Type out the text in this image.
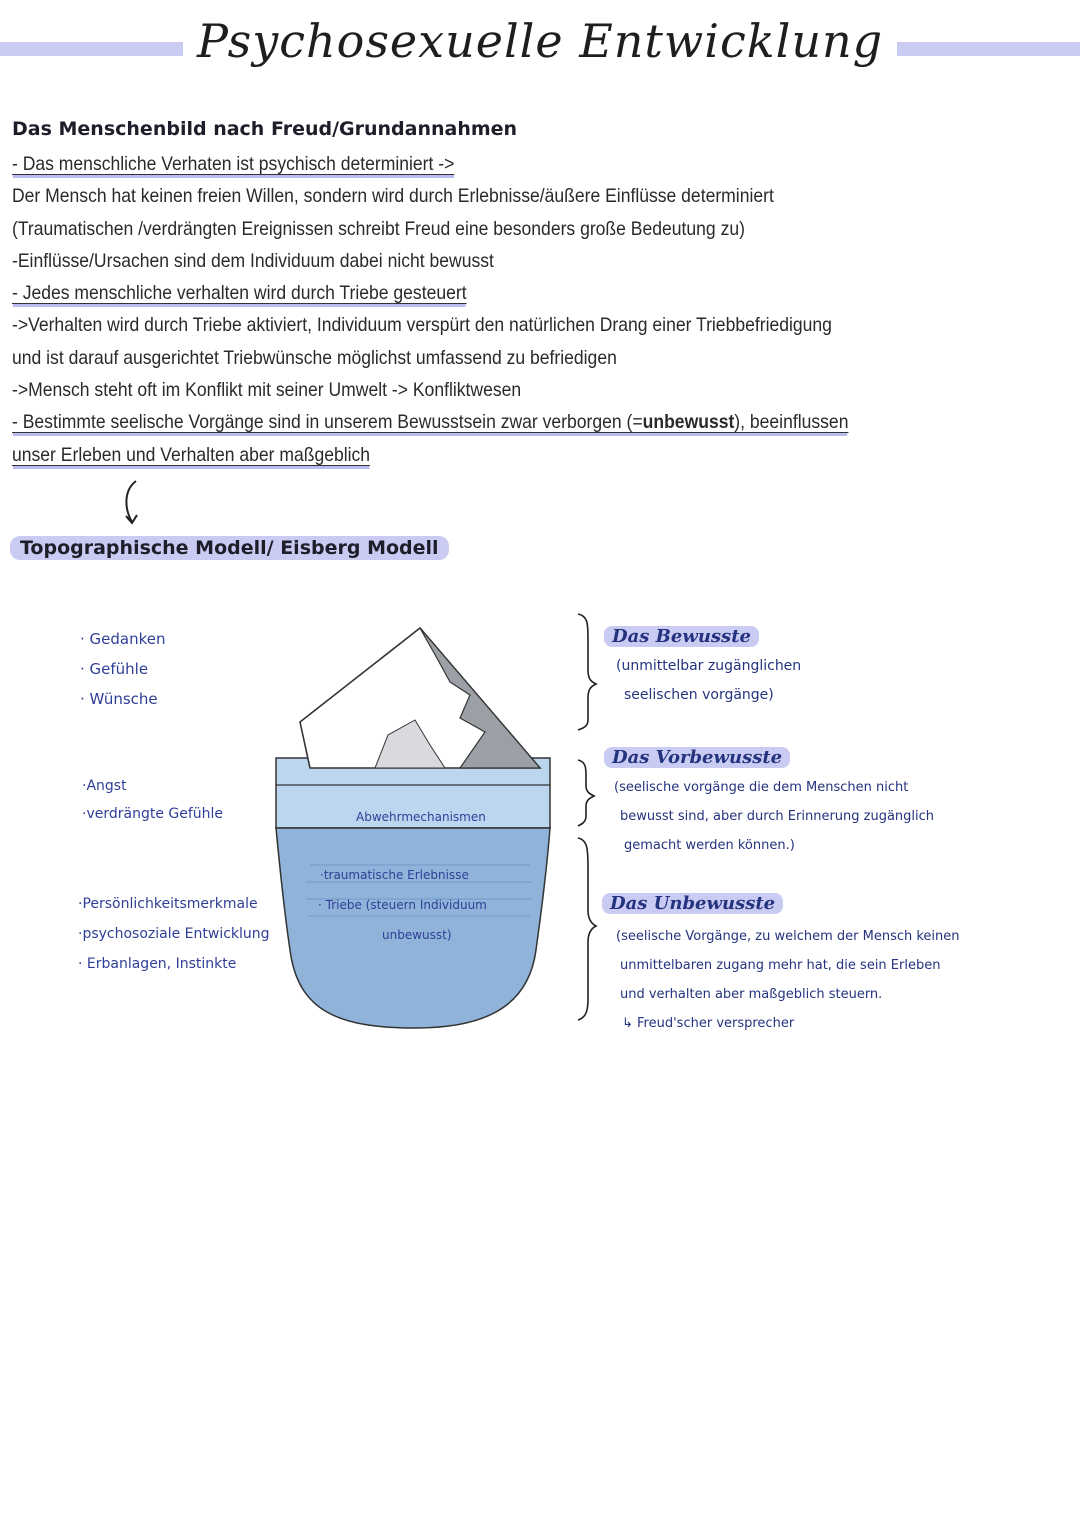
Psychosexuelle Entwicklung
Das Menschenbild nach Freud/Grundannahmen
- Das menschliche Verhaten ist psychisch determiniert ->
Der Mensch hat keinen freien Willen, sondern wird durch Erlebnisse/äußere Einflüsse determiniert
(Traumatischen /verdrängten Ereignissen schreibt Freud eine besonders große Bedeutung zu)
-Einflüsse/Ursachen sind dem Individuum dabei nicht bewusst
- Jedes menschliche verhalten wird durch Triebe gesteuert
->Verhalten wird durch Triebe aktiviert, Individuum verspürt den natürlichen Drang einer Triebbefriedigung
und ist darauf ausgerichtet Triebwünsche möglichst umfassend zu befriedigen
->Mensch steht oft im Konflikt mit seiner Umwelt -> Konfliktwesen
- Bestimmte seelische Vorgänge sind in unserem Bewusstsein zwar verborgen (=unbewusst), beeinflussen
unser Erleben und Verhalten aber maßgeblich
Topographische Modell/ Eisberg Modell
· Gedanken
· Gefühle
· Wünsche
·Angst
·verdrängte Gefühle
·Persönlichkeitsmerkmale
·psychosoziale Entwicklung
· Erbanlagen, Instinkte
Abwehrmechanismen
·traumatische Erlebnisse
· Triebe (steuern Individuum
unbewusst)
Das Bewusste
(unmittelbar zugänglichen
seelischen vorgänge)
Das Vorbewusste
(seelische vorgänge die dem Menschen nicht
bewusst sind, aber durch Erinnerung zugänglich
gemacht werden können.)
Das Unbewusste
(seelische Vorgänge, zu welchem der Mensch keinen
unmittelbaren zugang mehr hat, die sein Erleben
und verhalten aber maßgeblich steuern.
↳ Freud'scher versprecher
